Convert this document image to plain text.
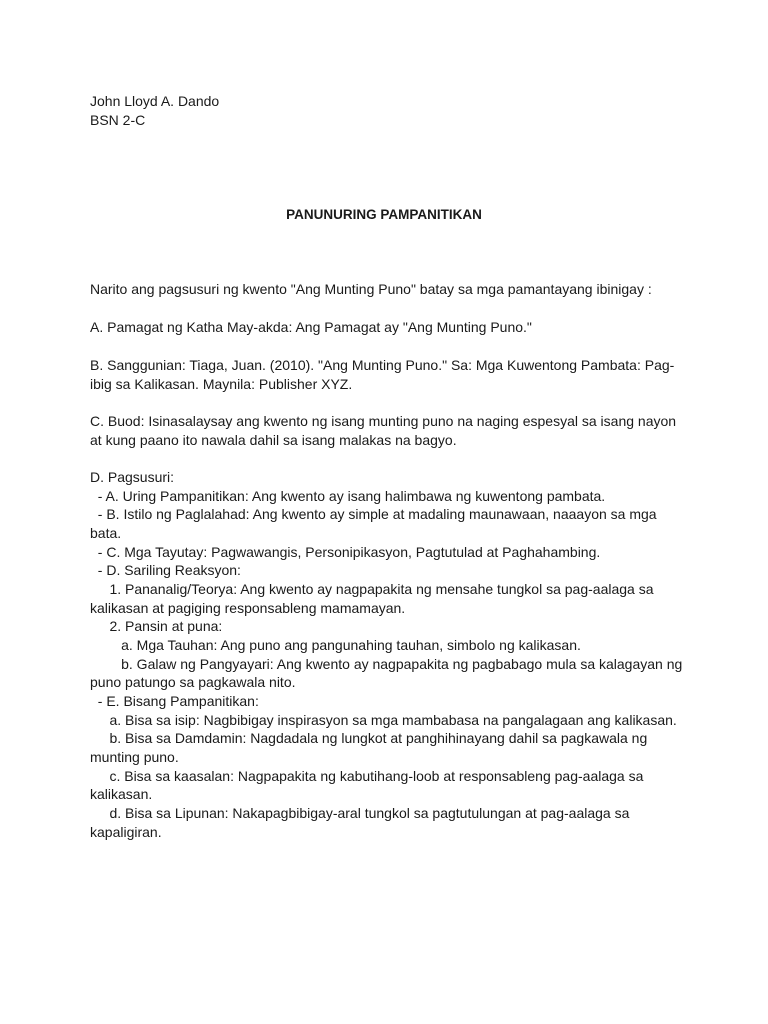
John Lloyd A. Dando
BSN 2-C
PANUNURING PAMPANITIKAN
Narito ang pagsusuri ng kwento "Ang Munting Puno" batay sa mga pamantayang ibinigay :
A. Pamagat ng Katha May-akda: Ang Pamagat ay "Ang Munting Puno."
B. Sanggunian: Tiaga, Juan. (2010). "Ang Munting Puno." Sa: Mga Kuwentong Pambata: Pag-
ibig sa Kalikasan. Maynila: Publisher XYZ.
C. Buod: Isinasalaysay ang kwento ng isang munting puno na naging espesyal sa isang nayon
at kung paano ito nawala dahil sa isang malakas na bagyo.
D. Pagsusuri:
- A. Uring Pampanitikan: Ang kwento ay isang halimbawa ng kuwentong pambata.
- B. Istilo ng Paglalahad: Ang kwento ay simple at madaling maunawaan, naaayon sa mga
bata.
- C. Mga Tayutay: Pagwawangis, Personipikasyon, Pagtutulad at Paghahambing.
- D. Sariling Reaksyon:
1. Pananalig/Teorya: Ang kwento ay nagpapakita ng mensahe tungkol sa pag-aalaga sa
kalikasan at pagiging responsableng mamamayan.
2. Pansin at puna:
a. Mga Tauhan: Ang puno ang pangunahing tauhan, simbolo ng kalikasan.
b. Galaw ng Pangyayari: Ang kwento ay nagpapakita ng pagbabago mula sa kalagayan ng
puno patungo sa pagkawala nito.
- E. Bisang Pampanitikan:
a. Bisa sa isip: Nagbibigay inspirasyon sa mga mambabasa na pangalagaan ang kalikasan.
b. Bisa sa Damdamin: Nagdadala ng lungkot at panghihinayang dahil sa pagkawala ng
munting puno.
c. Bisa sa kaasalan: Nagpapakita ng kabutihang-loob at responsableng pag-aalaga sa
kalikasan.
d. Bisa sa Lipunan: Nakapagbibigay-aral tungkol sa pagtutulungan at pag-aalaga sa
kapaligiran.
